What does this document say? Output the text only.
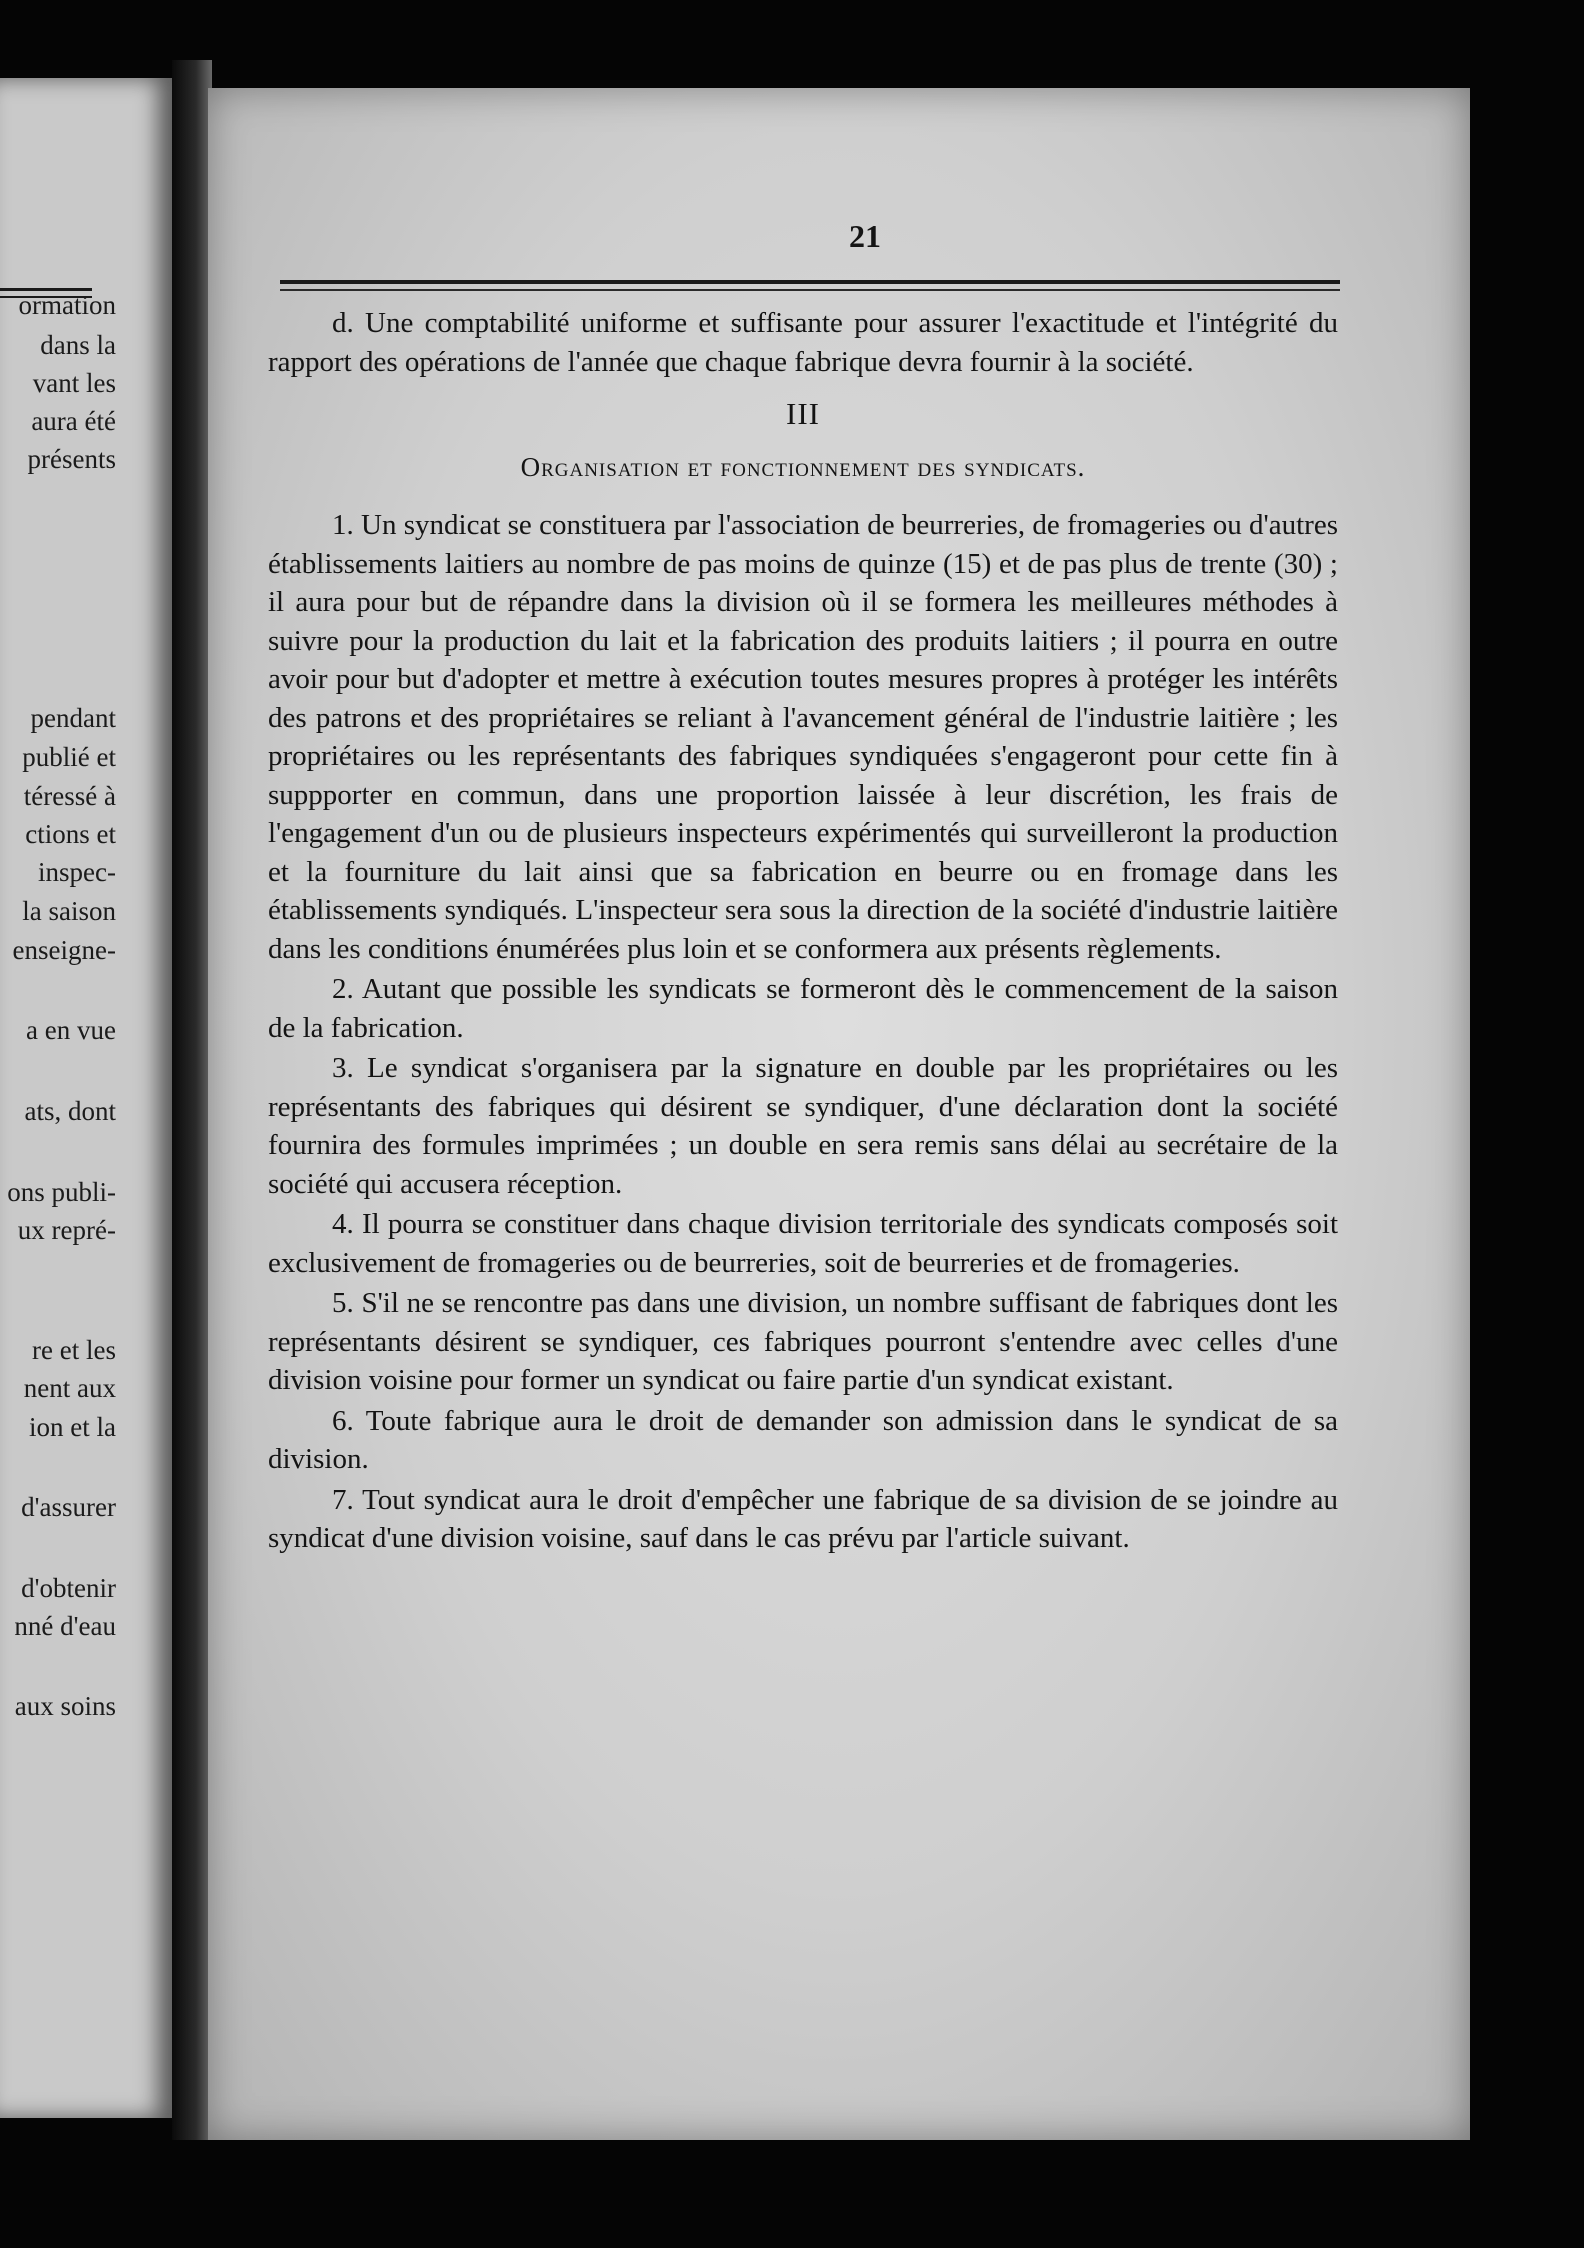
ormation
dans la
vant les
aura été
présents
pendant
publié et
téressé à
ctions et
inspec-
la saison
enseigne-
a en vue
ats, dont
ons publi-
ux repré-
re et les
nent aux
ion et la
d'assurer
d'obtenir
nné d'eau
aux soins
21

d. Une comptabilité uniforme et suffisante pour assurer l'exactitude et l'intégrité du rapport des opérations de l'année que chaque fabrique devra fournir à la société.

III
Organisation et fonctionnement des syndicats.

1. Un syndicat se constituera par l'association de beurreries, de fromageries ou d'autres établissements laitiers au nombre de pas moins de quinze (15) et de pas plus de trente (30) ; il aura pour but de répandre dans la division où il se formera les meilleures méthodes à suivre pour la production du lait et la fabrication des produits laitiers ; il pourra en outre avoir pour but d'adopter et mettre à exécution toutes mesures propres à protéger les intérêts des patrons et des propriétaires se reliant à l'avancement général de l'industrie laitière ; les propriétaires ou les représentants des fabriques syndiquées s'engageront pour cette fin à suppporter en commun, dans une proportion laissée à leur discrétion, les frais de l'engagement d'un ou de plusieurs inspecteurs expérimentés qui surveilleront la production et la fourniture du lait ainsi que sa fabrication en beurre ou en fromage dans les établissements syndiqués. L'inspecteur sera sous la direction de la société d'industrie laitière dans les conditions énumérées plus loin et se conformera aux présents règlements.

2. Autant que possible les syndicats se formeront dès le commencement de la saison de la fabrication.

3. Le syndicat s'organisera par la signature en double par les propriétaires ou les représentants des fabriques qui désirent se syndiquer, d'une déclaration dont la société fournira des formules imprimées ; un double en sera remis sans délai au secrétaire de la société qui accusera réception.

4. Il pourra se constituer dans chaque division territoriale des syndicats composés soit exclusivement de fromageries ou de beurreries, soit de beurreries et de fromageries.

5. S'il ne se rencontre pas dans une division, un nombre suffisant de fabriques dont les représentants désirent se syndiquer, ces fabriques pourront s'entendre avec celles d'une division voisine pour former un syndicat ou faire partie d'un syndicat existant.

6. Toute fabrique aura le droit de demander son admission dans le syndicat de sa division.

7. Tout syndicat aura le droit d'empêcher une fabrique de sa division de se joindre au syndicat d'une division voisine, sauf dans le cas prévu par l'article suivant.
